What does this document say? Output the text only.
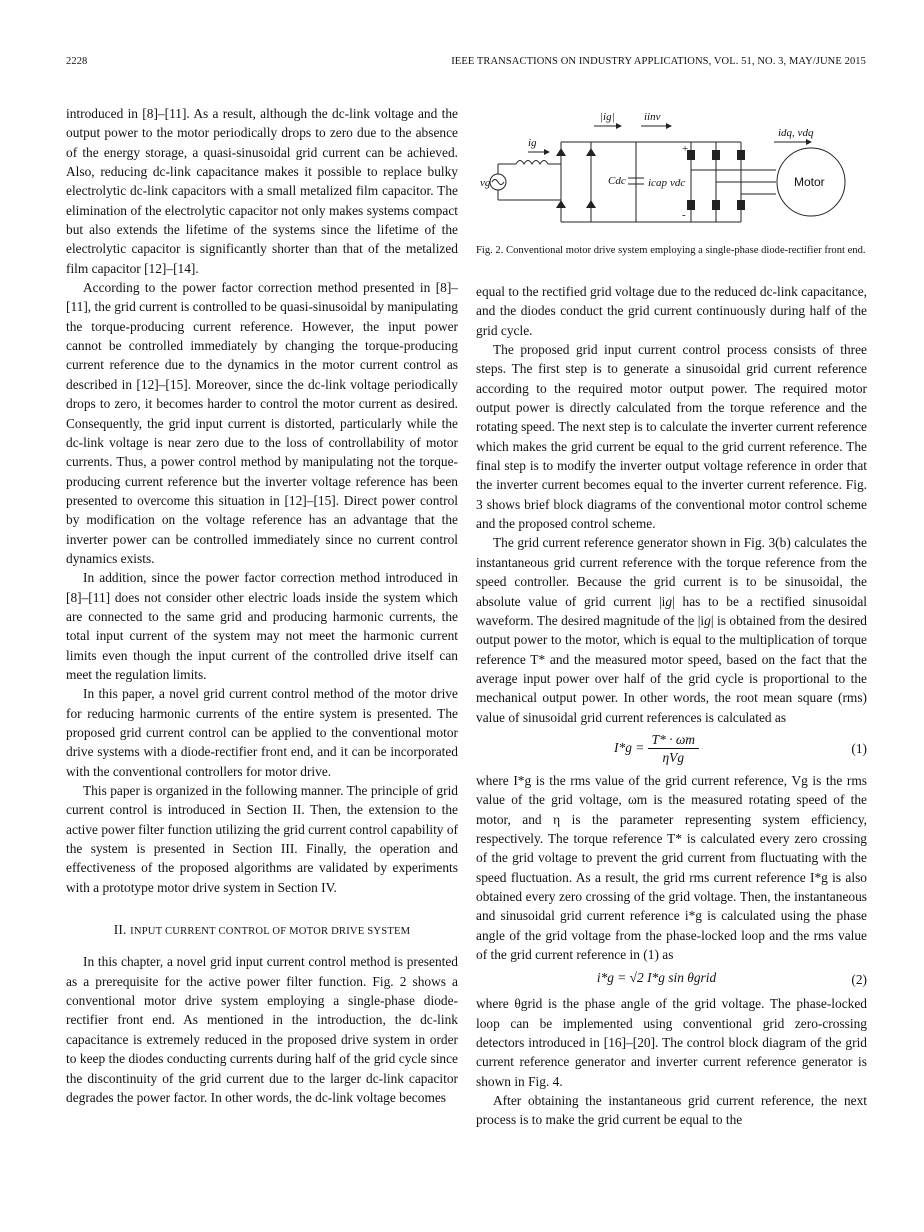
2228	IEEE TRANSACTIONS ON INDUSTRY APPLICATIONS, VOL. 51, NO. 3, MAY/JUNE 2015

introduced in [8]–[11]. As a result, although the dc-link voltage and the output power to the motor periodically drops to zero due to the absence of the energy storage, a quasi-sinusoidal grid current can be achieved. Also, reducing dc-link capacitance makes it possible to replace bulky electrolytic dc-link capacitors with a small metalized film capacitor. The elimination of the electrolytic capacitor not only makes systems compact but also extends the lifetime of the systems since the lifetime of the electrolytic capacitor is significantly shorter than that of the metalized film capacitor [12]–[14].

According to the power factor correction method presented in [8]–[11], the grid current is controlled to be quasi-sinusoidal by manipulating the torque-producing current reference. However, the input power cannot be controlled immediately by changing the torque-producing current reference due to the dynamics in the motor current control as described in [12]–[15]. Moreover, since the dc-link voltage periodically drops to zero, it becomes harder to control the motor current as desired. Consequently, the grid input current is distorted, particularly while the dc-link voltage is near zero due to the loss of controllability of motor currents. Thus, a power control method by manipulating not the torque-producing current reference but the inverter voltage reference has been presented to overcome this situation in [12]–[15]. Direct power control by modification on the voltage reference has an advantage that the inverter power can be controlled immediately since no current control dynamics exists.

In addition, since the power factor correction method introduced in [8]–[11] does not consider other electric loads inside the system which are connected to the same grid and producing harmonic currents, the total input current of the system may not meet the harmonic current limits even though the input current of the controlled drive itself can meet the regulation limits.

In this paper, a novel grid current control method of the motor drive for reducing harmonic currents of the entire system is presented. The proposed grid current control can be applied to the conventional motor drive systems with a diode-rectifier front end, and it can be incorporated with the conventional controllers for motor drive.

This paper is organized in the following manner. The principle of grid current control is introduced in Section II. Then, the extension to the active power filter function utilizing the grid current control capability of the system is presented in Section III. Finally, the operation and effectiveness of the proposed algorithms are validated by experiments with a prototype motor drive system in Section IV.

II. INPUT CURRENT CONTROL OF MOTOR DRIVE SYSTEM

In this chapter, a novel grid input current control method is presented as a prerequisite for the active power filter function. Fig. 2 shows a conventional motor drive system employing a single-phase diode-rectifier front end. As mentioned in the introduction, the dc-link capacitance is extremely reduced in the proposed drive system in order to keep the diodes conducting currents during half of the grid cycle since the discontinuity of the grid current due to the larger dc-link capacitor degrades the power factor. In other words, the dc-link voltage becomes

|ig|	iinv
idq, vdq
ig
vg	Cdc icap vdc
+
-
Motor
Fig. 2. Conventional motor drive system employing a single-phase diode-rectifier front end.

equal to the rectified grid voltage due to the reduced dc-link capacitance, and the diodes conduct the grid current continuously during half of the grid cycle.

The proposed grid input current control process consists of three steps. The first step is to generate a sinusoidal grid current reference according to the required motor output power. The required motor output power is directly calculated from the torque reference and the rotating speed. The next step is to calculate the inverter current reference which makes the grid current be equal to the grid current reference. The final step is to modify the inverter output voltage reference in order that the inverter current becomes equal to the inverter current reference. Fig. 3 shows brief block diagrams of the conventional motor control scheme and the proposed control scheme.

The grid current reference generator shown in Fig. 3(b) calculates the instantaneous grid current reference with the torque reference from the speed controller. Because the grid current is to be sinusoidal, the absolute value of grid current |ig| has to be a rectified sinusoidal waveform. The desired magnitude of the |ig| is obtained from the desired output power to the motor, which is equal to the multiplication of torque reference T* and the measured motor speed, based on the fact that the average input power over half of the grid cycle is proportional to the mechanical output power. In other words, the root mean square (rms) value of sinusoidal grid current references is calculated as

$I*g = \frac{T* \cdot \omega m}{\text{ηVg}}$	(1)

where I*g is the rms value of the grid current reference, Vg is the rms value of the grid voltage, ωm is the measured rotating speed of the motor, and η is the parameter representing system efficiency, respectively. The torque reference T* is calculated every zero crossing of the grid voltage to prevent the grid current from fluctuating with the speed fluctuation. As a result, the grid rms current reference I*g is also obtained every zero crossing of the grid voltage. Then, the instantaneous and sinusoidal grid current reference i*g is calculated using the phase angle of the grid voltage from the phase-locked loop and the rms value of the grid current reference in (1) as

i*g = √2 I*g sin θgrid	(2)

where θgrid is the phase angle of the grid voltage. The phase-locked loop can be implemented using conventional grid zero-crossing detectors introduced in [16]–[20]. The control block diagram of the grid current reference generator and inverter current reference generator is shown in Fig. 4.

After obtaining the instantaneous grid current reference, the next process is to make the grid current be equal to the
